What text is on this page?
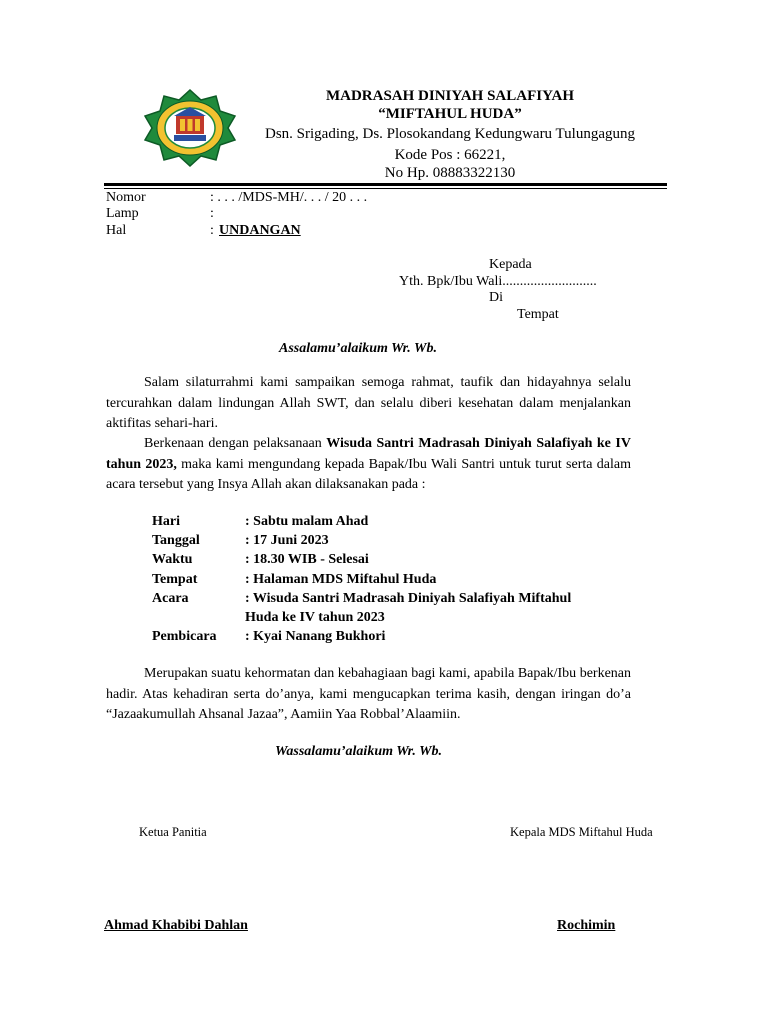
MADRASAH DINIYAH SALAFIYAH
“MIFTAHUL HUDA”
Dsn. Srigading, Ds. Plosokandang Kedungwaru Tulungagung
Kode Pos : 66221,
No Hp. 08883322130
Nomor	: . . . /MDS-MH/. . . / 20 . . .
Lamp	:
Hal	: UNDANGAN
Kepada
Yth. Bpk/Ibu Wali...........................
Di
Tempat
Assalamu’alaikum Wr. Wb.
Salam silaturrahmi kami sampaikan semoga rahmat, taufik dan hidayahnya selalu tercurahkan dalam lindungan Allah SWT, dan selalu diberi kesehatan dalam menjalankan aktifitas sehari-hari.
Berkenaan dengan pelaksanaan Wisuda Santri Madrasah Diniyah Salafiyah ke IV tahun 2023, maka kami mengundang kepada Bapak/Ibu Wali Santri untuk turut serta dalam acara tersebut yang Insya Allah akan dilaksanakan pada :
Hari	: Sabtu malam Ahad
Tanggal	: 17 Juni 2023
Waktu	: 18.30 WIB - Selesai
Tempat	: Halaman MDS Miftahul Huda
Acara	: Wisuda Santri Madrasah Diniyah Salafiyah Miftahul
Huda ke IV tahun 2023
Pembicara	: Kyai Nanang Bukhori
Merupakan suatu kehormatan dan kebahagiaan bagi kami, apabila Bapak/Ibu berkenan hadir. Atas kehadiran serta do’anya, kami mengucapkan terima kasih, dengan iringan do’a “Jazaakumullah Ahsanal Jazaa”, Aamiin Yaa Robbal’Alaamiin.
Wassalamu’alaikum Wr. Wb.
Ketua Panitia	Kepala MDS Miftahul Huda
Ahmad Khabibi Dahlan	Rochimin
